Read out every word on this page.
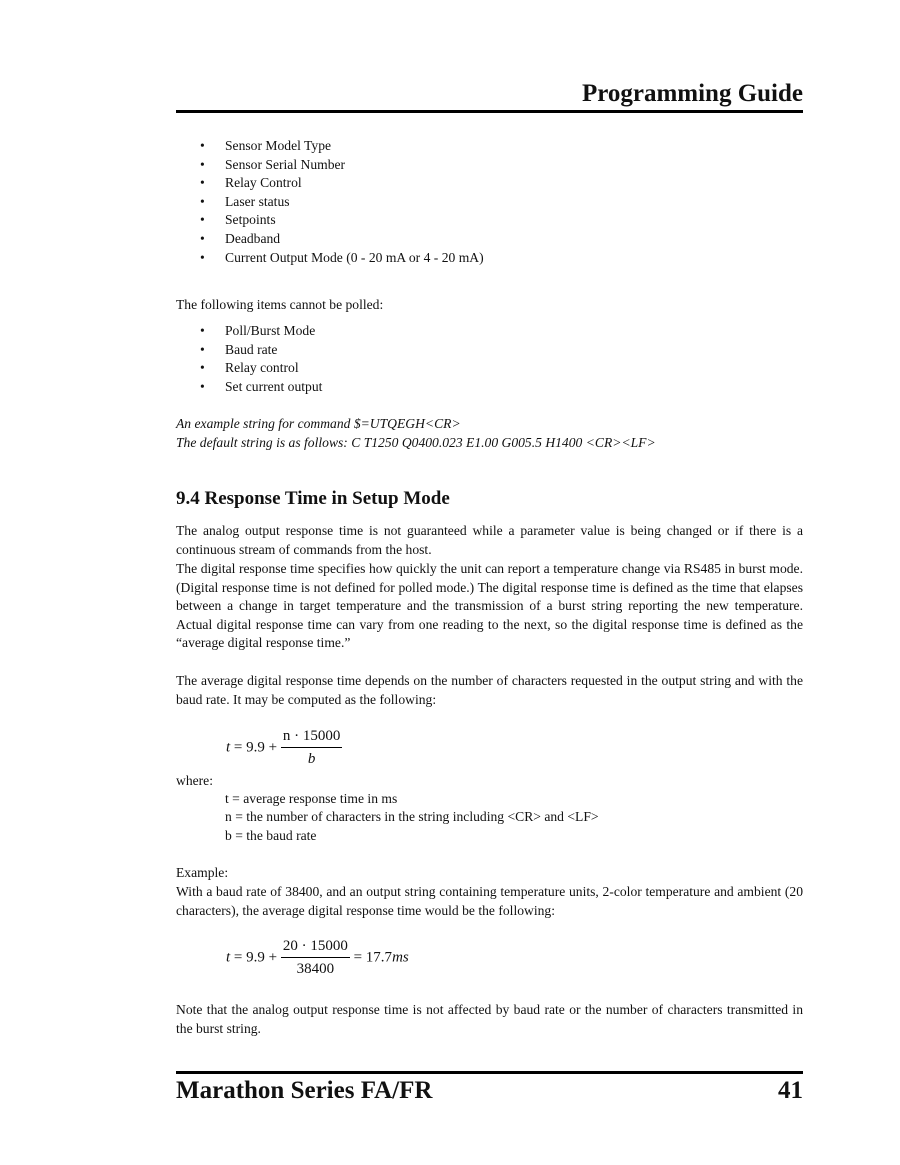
Programming Guide
• Sensor Model Type
• Sensor Serial Number
• Relay Control
• Laser status
• Setpoints
• Deadband
• Current Output Mode (0 - 20 mA or 4 - 20 mA)
The following items cannot be polled:
• Poll/Burst Mode
• Baud rate
• Relay control
• Set current output
An example string for command $=UTQEGH<CR>
The default string is as follows: C T1250 Q0400.023 E1.00 G005.5 H1400 <CR><LF>
9.4 Response Time in Setup Mode
The analog output response time is not guaranteed while a parameter value is being changed or if there is a continuous stream of commands from the host.
The digital response time specifies how quickly the unit can report a temperature change via RS485 in burst mode. (Digital response time is not defined for polled mode.) The digital response time is defined as the time that elapses between a change in target temperature and the transmission of a burst string reporting the new temperature. Actual digital response time can vary from one reading to the next, so the digital response time is defined as the “average digital response time.”
The average digital response time depends on the number of characters requested in the output string and with the baud rate. It may be computed as the following:
$t = 9.9 + \frac{n \cdot 15000}{b}$
where:
t = average response time in ms
n = the number of characters in the string including <CR> and <LF>
b = the baud rate
Example:
With a baud rate of 38400, and an output string containing temperature units, 2-color temperature and ambient (20 characters), the average digital response time would be the following:
$t = 9.9 + \frac{20 \cdot 15000}{38400} = 17.7ms$
Note that the analog output response time is not affected by baud rate or the number of characters transmitted in the burst string.
Marathon Series FA/FR	41
